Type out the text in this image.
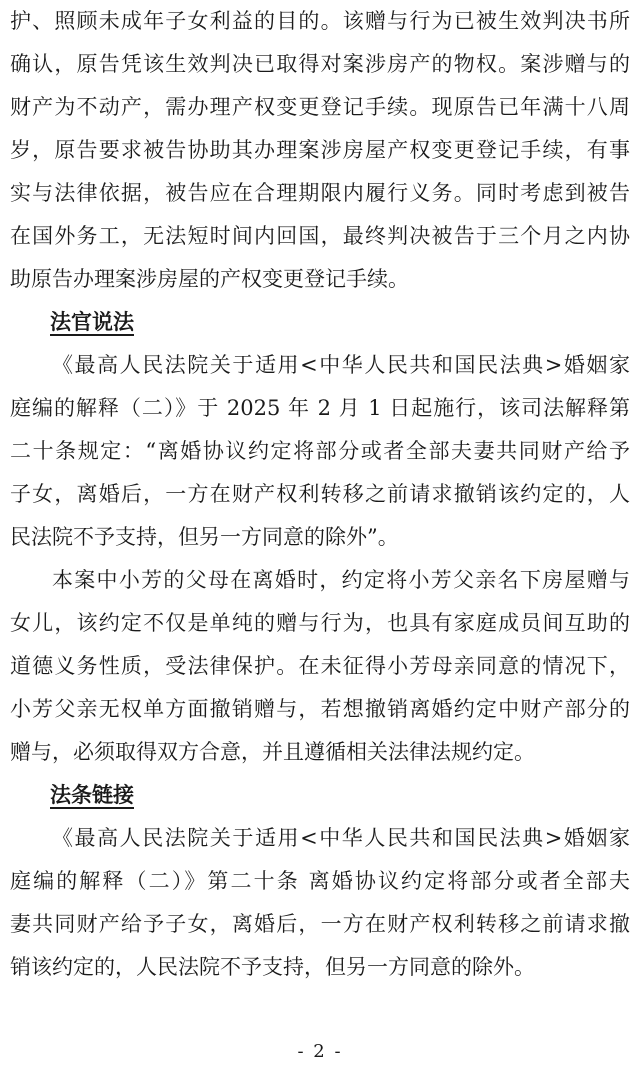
护、照顾未成年子女利益的目的。该赠与行为已被生效判决书所
确认，原告凭该生效判决已取得对案涉房产的物权。案涉赠与的
财产为不动产，需办理产权变更登记手续。现原告已年满十八周
岁，原告要求被告协助其办理案涉房屋产权变更登记手续，有事
实与法律依据，被告应在合理期限内履行义务。同时考虑到被告
在国外务工，无法短时间内回国，最终判决被告于三个月之内协
助原告办理案涉房屋的产权变更登记手续。
法官说法
《最高人民法院关于适用<中华人民共和国民法典>婚姻家
庭编的解释（二）》于 2025 年 2 月 1 日起施行，该司法解释第
二十条规定：“离婚协议约定将部分或者全部夫妻共同财产给予
子女，离婚后，一方在财产权利转移之前请求撤销该约定的，人
民法院不予支持，但另一方同意的除外”。
本案中小芳的父母在离婚时，约定将小芳父亲名下房屋赠与
女儿，该约定不仅是单纯的赠与行为，也具有家庭成员间互助的
道德义务性质，受法律保护。在未征得小芳母亲同意的情况下，
小芳父亲无权单方面撤销赠与，若想撤销离婚约定中财产部分的
赠与，必须取得双方合意，并且遵循相关法律法规约定。
法条链接
《最高人民法院关于适用<中华人民共和国民法典>婚姻家
庭编的解释（二）》第二十条 离婚协议约定将部分或者全部夫
妻共同财产给予子女，离婚后，一方在财产权利转移之前请求撤
销该约定的，人民法院不予支持，但另一方同意的除外。
- 2 -
